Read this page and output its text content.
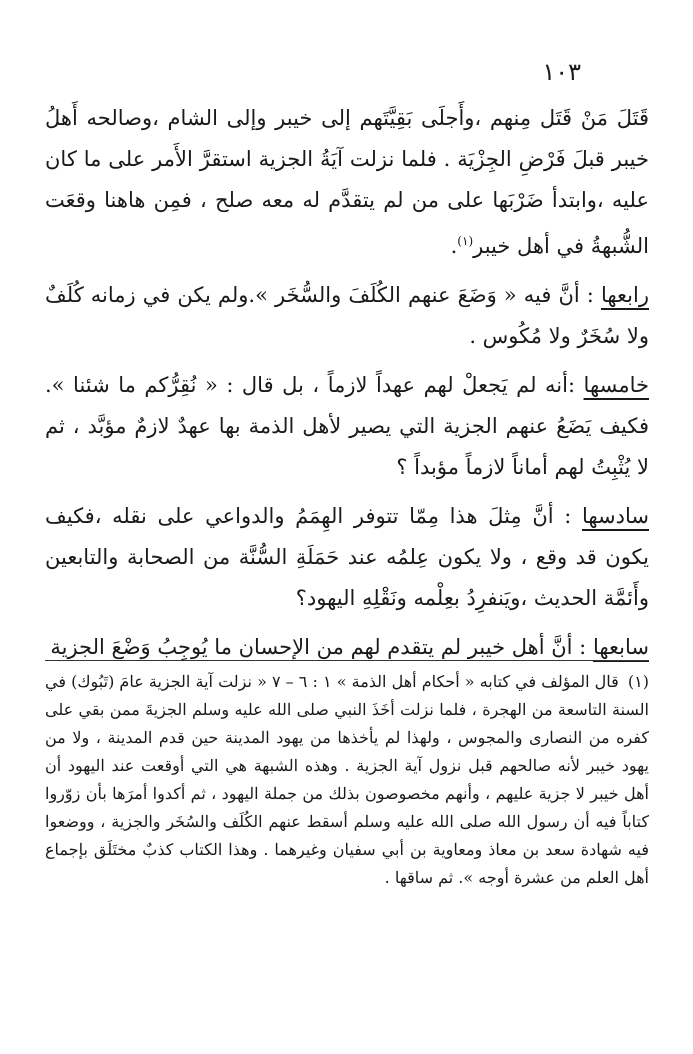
١٠٣

قَتَلَ مَنْ قَتَل مِنهم ،وأَجلَى بَقِيَّتَهم إلى خيبر وإلى الشام ،وصالحه أَهلُ خيبر قبلَ فَرْضِ الجِزْيَة . فلما نزلت آيَةُ الجزية استقرَّ الأَمر على ما كان عليه ،وابتدأ ضَرْبَها على من لم يتقدَّم له معه صلح ، فمِن هاهنا وقعَت الشُّبهةُ في أهل خيبر$^{(١)}$.

رابعها : أنَّ فيه « وَضَعَ عنهم الكُلَفَ والسُّخَر ».ولم يكن في زمانه كُلَفٌ ولا سُخَرٌ ولا مُكُوس .

خامسها :أنه لم يَجعلْ لهم عهداً لازماً ، بل قال : « نُقِرُّكم ما شئنا ». فكيف يَضَعُ عنهم الجزية التي يصير لأهل الذمة بها عهدٌ لازمٌ مؤبَّد ، ثم لا يُثْبِتُ لهم أماناً لازماً مؤبداً ؟

سادسها : أنَّ مِثلَ هذا مِمّا تتوفر الهِمَمُ والدواعي على نقله ،فكيف يكون قد وقع ، ولا يكون عِلمُه عند حَمَلَةِ السُّنَّة من الصحابة والتابعين وأَئمَّة الحديث ،ويَنفرِدُ بعِلْمه ونَقْلِهِ اليهود؟

سابعها : أنَّ أهل خيبر لم يتقدم لهم من الإحسان ما يُوجِبُ وَضْعَ الجزية

(١) قال المؤلف في كتابه « أحكام أهل الذمة » ١ : ٦ – ٧ « نزلت آية الجزية عامَ (تَبُوك) في السنة التاسعة من الهجرة ، فلما نزلت أخَذَ النبي صلى الله عليه وسلم الجزيةَ ممن بقي على كفره من النصارى والمجوس ، ولهذا لم يأخذها من يهود المدينة حين قدم المدينة ، ولا من يهود خيبر لأنه صالحهم قبل نزول آية الجزية . وهذه الشبهة هي التي أوقعت عند اليهود أن أهل خيبر لا جزية عليهم ، وأنهم مخصوصون بذلك من جملة اليهود ، ثم أكدوا أمرَها بأن زوّروا كتاباً فيه أن رسول الله صلى الله عليه وسلم أسقط عنهم الكُلَف والسُخَر والجزية ، ووضعوا فيه شهادة سعد بن معاذ ومعاوية بن أبي سفيان وغيرهما . وهذا الكتاب كذبٌ مختَلَق بإجماع أهل العلم من عشرة أوجه ». ثم ساقها .
